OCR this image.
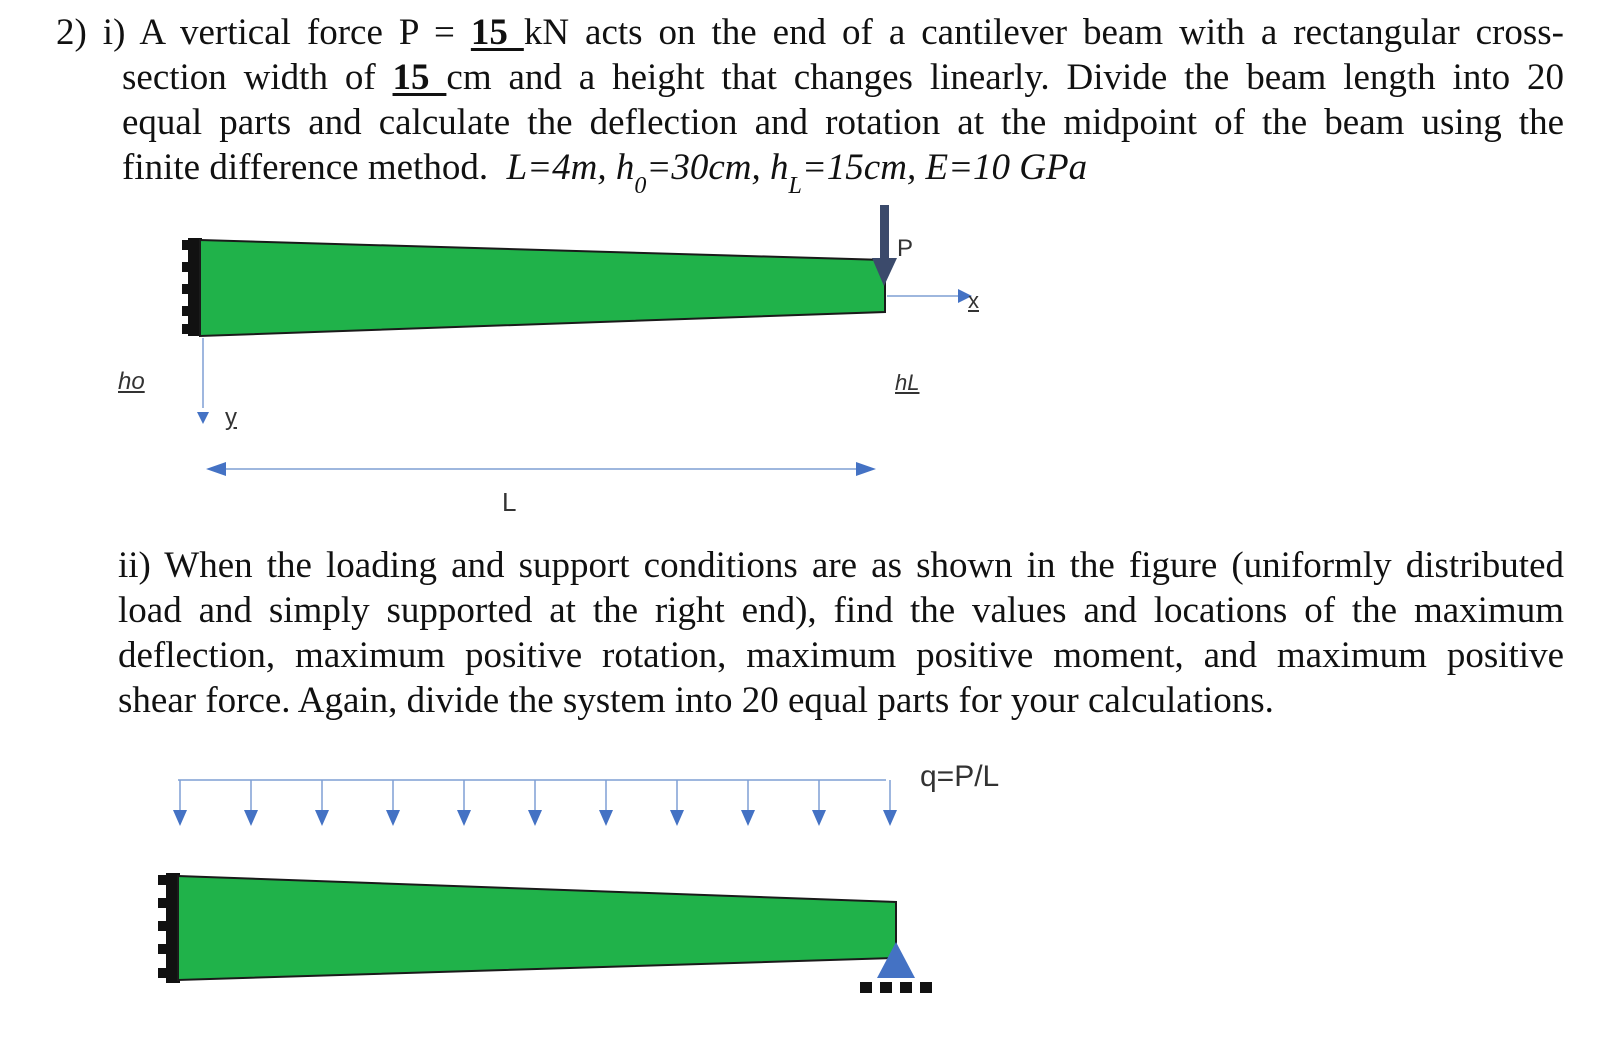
2) i) A vertical force P = 15 kN acts on the end of a cantilever beam with a rectangular cross-
section width of 15 cm and a height that changes linearly. Divide the beam length into 20
equal parts and calculate the deflection and rotation at the midpoint of the beam using the
finite difference method. L=4m, $h_0=30cm$, $h_L=15cm$, E=10 GPa
P
x
y
ho	hL
L
ii) When the loading and support conditions are as shown in the figure (uniformly distributed
load and simply supported at the right end), find the values and locations of the maximum
deflection, maximum positive rotation, maximum positive moment, and maximum positive
shear force. Again, divide the system into 20 equal parts for your calculations.
q=P/L
